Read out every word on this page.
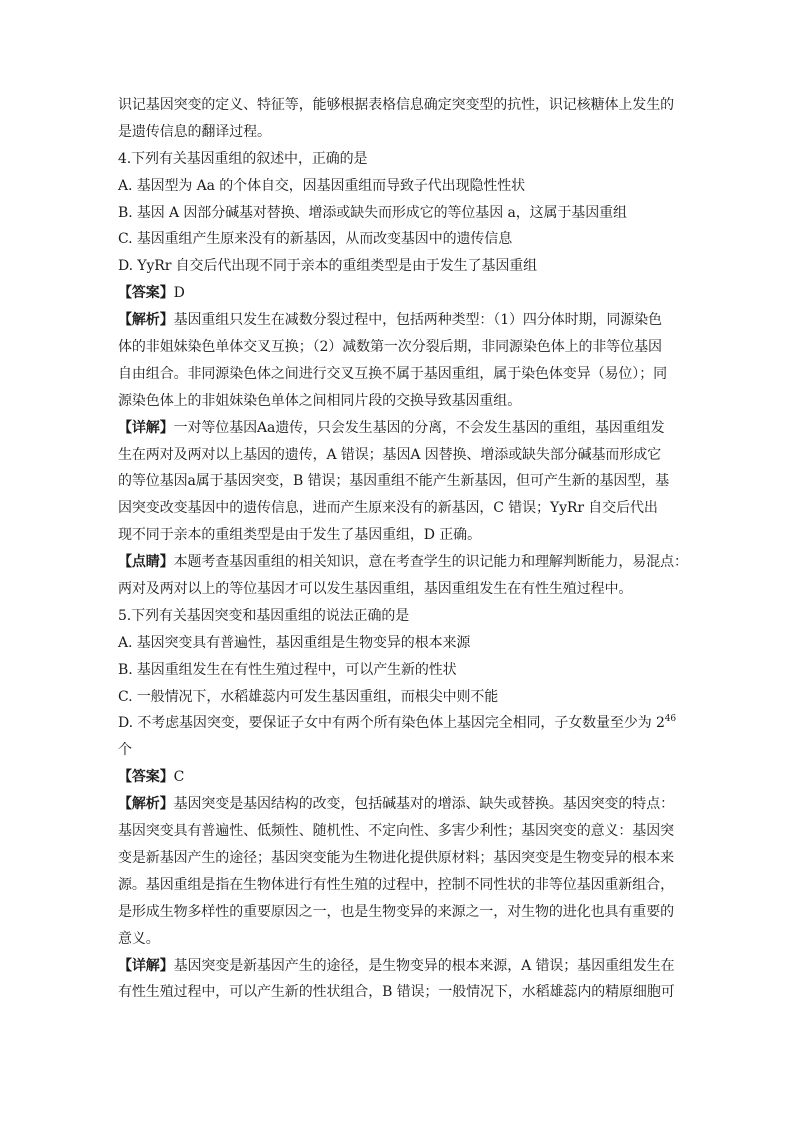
识记基因突变的定义、特征等，能够根据表格信息确定突变型的抗性，识记核糖体上发生的
是遗传信息的翻译过程。
4.下列有关基因重组的叙述中，正确的是
A. 基因型为 Aa 的个体自交，因基因重组而导致子代出现隐性性状
B. 基因 A 因部分碱基对替换、增添或缺失而形成它的等位基因 a，这属于基因重组
C. 基因重组产生原来没有的新基因，从而改变基因中的遗传信息
D. YyRr 自交后代出现不同于亲本的重组类型是由于发生了基因重组
【答案】D
【解析】基因重组只发生在减数分裂过程中，包括两种类型：（1）四分体时期，同源染色
体的非姐妹染色单体交叉互换；（2）减数第一次分裂后期，非同源染色体上的非等位基因
自由组合。非同源染色体之间进行交叉互换不属于基因重组，属于染色体变异（易位）；同
源染色体上的非姐妹染色单体之间相同片段的交换导致基因重组。
【详解】一对等位基因Aa遗传，只会发生基因的分离，不会发生基因的重组，基因重组发
生在两对及两对以上基因的遗传，A 错误；基因A 因替换、增添或缺失部分碱基而形成它
的等位基因a属于基因突变，B 错误；基因重组不能产生新基因，但可产生新的基因型，基
因突变改变基因中的遗传信息，进而产生原来没有的新基因，C 错误；YyRr 自交后代出
现不同于亲本的重组类型是由于发生了基因重组，D 正确。
【点睛】本题考查基因重组的相关知识，意在考查学生的识记能力和理解判断能力，易混点：
两对及两对以上的等位基因才可以发生基因重组，基因重组发生在有性生殖过程中。
5.下列有关基因突变和基因重组的说法正确的是
A. 基因突变具有普遍性，基因重组是生物变异的根本来源
B. 基因重组发生在有性生殖过程中，可以产生新的性状
C. 一般情况下，水稻雄蕊内可发生基因重组，而根尖中则不能
D. 不考虑基因突变，要保证子女中有两个所有染色体上基因完全相同，子女数量至少为 $2^{46}$
个
【答案】C
【解析】基因突变是基因结构的改变，包括碱基对的增添、缺失或替换。基因突变的特点：
基因突变具有普遍性、低频性、随机性、不定向性、多害少利性；基因突变的意义：基因突
变是新基因产生的途径；基因突变能为生物进化提供原材料；基因突变是生物变异的根本来
源。基因重组是指在生物体进行有性生殖的过程中，控制不同性状的非等位基因重新组合，
是形成生物多样性的重要原因之一，也是生物变异的来源之一，对生物的进化也具有重要的
意义。
【详解】基因突变是新基因产生的途径，是生物变异的根本来源，A 错误；基因重组发生在
有性生殖过程中，可以产生新的性状组合，B 错误；一般情况下，水稻雄蕊内的精原细胞可
